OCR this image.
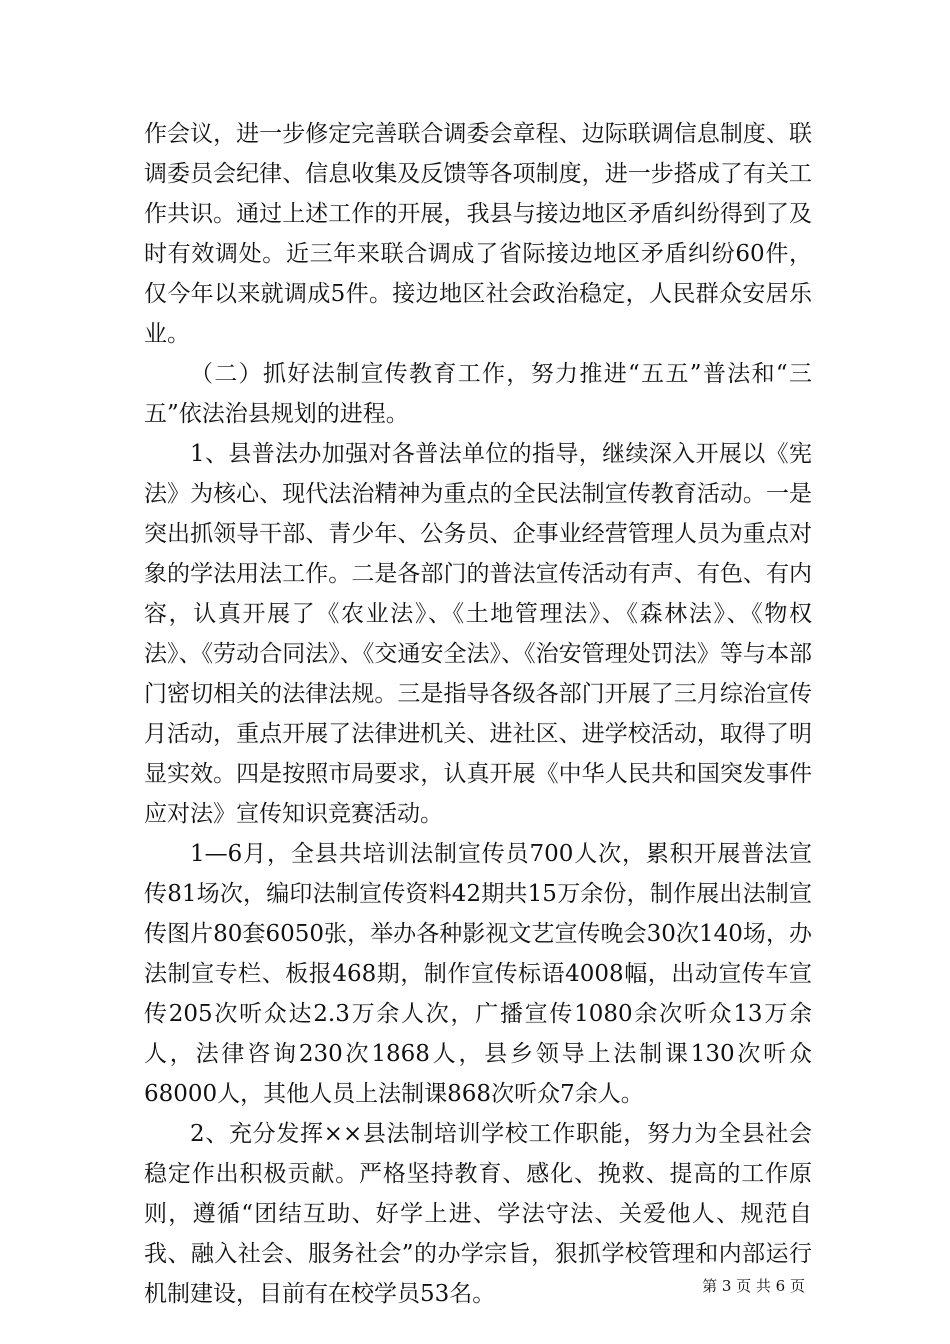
作会议，进一步修定完善联合调委会章程、边际联调信息制度、联调委员会纪律、信息收集及反馈等各项制度，进一步搭成了有关工作共识。通过上述工作的开展，我县与接边地区矛盾纠纷得到了及时有效调处。近三年来联合调成了省际接边地区矛盾纠纷60件，仅今年以来就调成5件。接边地区社会政治稳定，人民群众安居乐业。

（二）抓好法制宣传教育工作，努力推进“五五”普法和“三五”依法治县规划的进程。

1、县普法办加强对各普法单位的指导，继续深入开展以《宪法》为核心、现代法治精神为重点的全民法制宣传教育活动。一是突出抓领导干部、青少年、公务员、企事业经营管理人员为重点对象的学法用法工作。二是各部门的普法宣传活动有声、有色、有内容，认真开展了《农业法》、《土地管理法》、《森林法》、《物权法》、《劳动合同法》、《交通安全法》、《治安管理处罚法》等与本部门密切相关的法律法规。三是指导各级各部门开展了三月综治宣传月活动，重点开展了法律进机关、进社区、进学校活动，取得了明显实效。四是按照市局要求，认真开展《中华人民共和国突发事件应对法》宣传知识竞赛活动。

1—6月，全县共培训法制宣传员700人次，累积开展普法宣传81场次，编印法制宣传资料42期共15万余份，制作展出法制宣传图片80套6050张，举办各种影视文艺宣传晚会30次140场，办法制宣专栏、板报468期，制作宣传标语4008幅，出动宣传车宣传205次听众达2.3万余人次，广播宣传1080余次听众13万余人，法律咨询230次1868人，县乡领导上法制课130次听众68000人，其他人员上法制课868次听众7余人。

2、充分发挥××县法制培训学校工作职能，努力为全县社会稳定作出积极贡献。严格坚持教育、感化、挽救、提高的工作原则，遵循“团结互助、好学上进、学法守法、关爱他人、规范自我、融入社会、服务社会”的办学宗旨，狠抓学校管理和内部运行机制建设，目前有在校学员53名。	第 3 页 共 6 页
